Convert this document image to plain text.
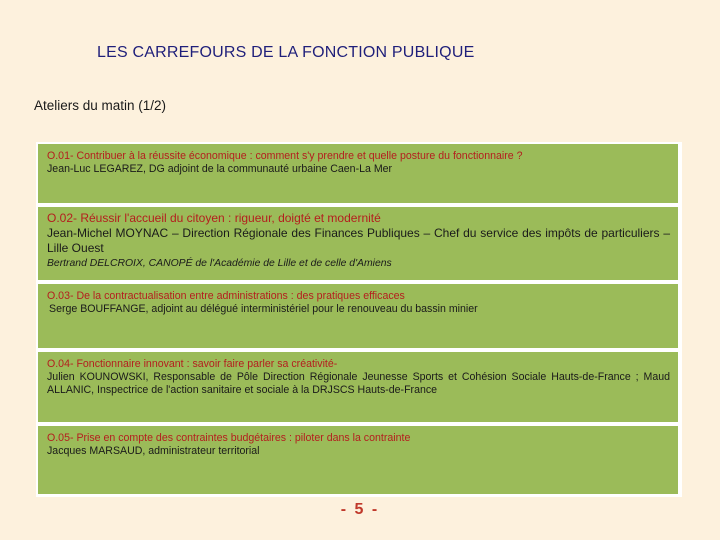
LES CARREFOURS DE LA FONCTION PUBLIQUE
Ateliers du matin (1/2)
O.01- Contribuer à la réussite économique : comment s'y prendre et quelle posture du fonctionnaire ?
Jean-Luc LEGAREZ, DG adjoint de la communauté urbaine Caen-La Mer
O.02- Réussir l'accueil du citoyen : rigueur, doigté et modernité
Jean-Michel MOYNAC – Direction Régionale des Finances Publiques – Chef du service des impôts de particuliers – Lille Ouest
Bertrand DELCROIX, CANOPÉ de l'Académie de Lille et de celle d'Amiens
O.03- De la contractualisation entre administrations : des pratiques efficaces
Serge BOUFFANGE, adjoint au délégué interministériel pour le renouveau du bassin minier
O.04- Fonctionnaire innovant : savoir faire parler sa créativité-
Julien KOUNOWSKI, Responsable de Pôle Direction Régionale Jeunesse Sports et Cohésion Sociale Hauts-de-France ; Maud ALLANIC, Inspectrice de l'action sanitaire et sociale à la DRJSCS Hauts-de-France
O.05- Prise en compte des contraintes budgétaires : piloter dans la contrainte
Jacques MARSAUD, administrateur territorial
- 5 -
